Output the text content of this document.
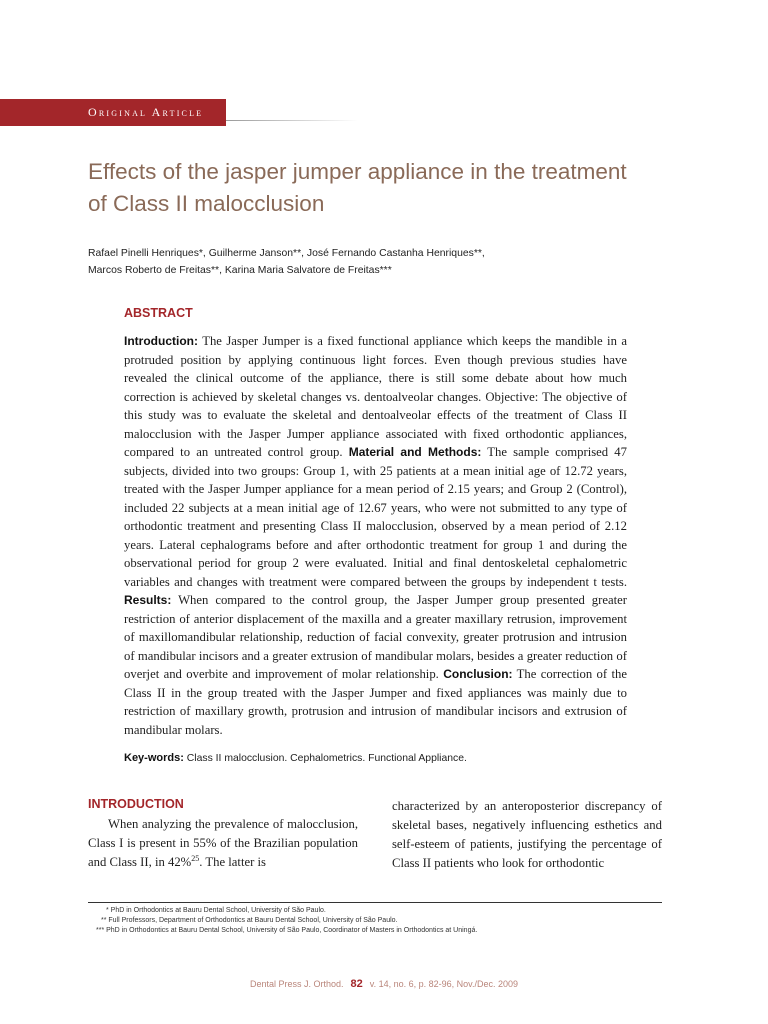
Original Article
Effects of the jasper jumper appliance in the treatment of Class II malocclusion
Rafael Pinelli Henriques*, Guilherme Janson**, José Fernando Castanha Henriques**,
Marcos Roberto de Freitas**, Karina Maria Salvatore de Freitas***
ABSTRACT
Introduction: The Jasper Jumper is a fixed functional appliance which keeps the mandible in a protruded position by applying continuous light forces. Even though previous studies have revealed the clinical outcome of the appliance, there is still some debate about how much correction is achieved by skeletal changes vs. dentoalveolar changes. Objective: The objective of this study was to evaluate the skeletal and dentoalveolar effects of the treatment of Class II malocclusion with the Jasper Jumper appliance associated with fixed orthodontic appliances, compared to an untreated control group. Material and Methods: The sample comprised 47 subjects, divided into two groups: Group 1, with 25 patients at a mean initial age of 12.72 years, treated with the Jasper Jumper appliance for a mean period of 2.15 years; and Group 2 (Control), included 22 subjects at a mean initial age of 12.67 years, who were not submitted to any type of orthodontic treatment and presenting Class II malocclusion, observed by a mean period of 2.12 years. Lateral cephalograms before and after orthodontic treatment for group 1 and during the observational period for group 2 were evaluated. Initial and final dentoskeletal cephalometric variables and changes with treatment were compared between the groups by independent t tests. Results: When compared to the control group, the Jasper Jumper group presented greater restriction of anterior displacement of the maxilla and a greater maxillary retrusion, improvement of maxillomandibular relationship, reduction of facial convexity, greater protrusion and intrusion of mandibular incisors and a greater extrusion of mandibular molars, besides a greater reduction of overjet and overbite and improvement of molar relationship. Conclusion: The correction of the Class II in the group treated with the Jasper Jumper and fixed appliances was mainly due to restriction of maxillary growth, protrusion and intrusion of mandibular incisors and extrusion of mandibular molars.
Key-words: Class II malocclusion. Cephalometrics. Functional Appliance.
INTRODUCTION

When analyzing the prevalence of malocclusion, Class I is present in 55% of the Brazilian population and Class II, in 42%$^{25}$. The latter is

characterized by an anteroposterior discrepancy of skeletal bases, negatively influencing esthetics and self-esteem of patients, justifying the percentage of Class II patients who look for orthodontic

* PhD in Orthodontics at Bauru Dental School, University of São Paulo.
** Full Professors, Department of Orthodontics at Bauru Dental School, University of São Paulo.
*** PhD in Orthodontics at Bauru Dental School, University of São Paulo, Coordinator of Masters in Orthodontics at Uningá.
Dental Press J. Orthod. 82 v. 14, no. 6, p. 82-96, Nov./Dec. 2009
